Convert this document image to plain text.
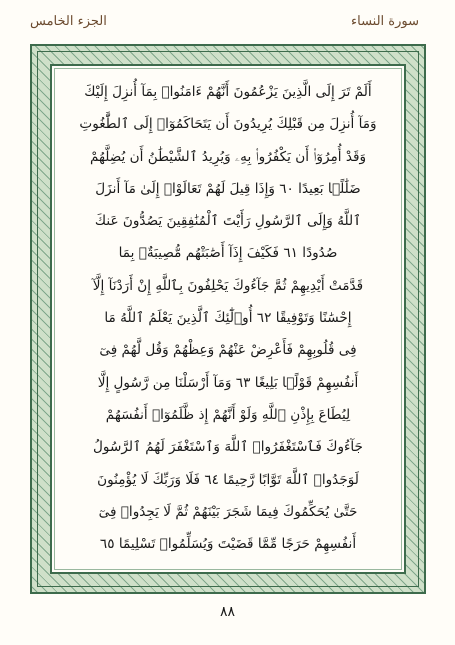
الجزء الخامس	سورة النساء
أَلَمْ تَرَ إِلَى الَّذِينَ يَزْعُمُونَ أَنَّهُمْ ءَامَنُوا۟ بِمَآ أُنزِلَ إِلَيْكَ
وَمَآ أُنزِلَ مِن قَبْلِكَ يُرِيدُونَ أَن يَتَحَاكَمُوٓا۟ إِلَى ٱلطَّٰغُوتِ
وَقَدْ أُمِرُوٓا۟ أَن يَكْفُرُوا۟ بِهِۦ وَيُرِيدُ ٱلشَّيْطَٰنُ أَن يُضِلَّهُمْ
ضَلَٰلًۢا بَعِيدًا ٦٠ وَإِذَا قِيلَ لَهُمْ تَعَالَوْا۟ إِلَىٰ مَآ أَنزَلَ
ٱللَّهُ وَإِلَى ٱلرَّسُولِ رَأَيْتَ ٱلْمُنَٰفِقِينَ يَصُدُّونَ عَنكَ
صُدُودًا ٦١ فَكَيْفَ إِذَآ أَصَٰبَتْهُم مُّصِيبَةٌۢ بِمَا
قَدَّمَتْ أَيْدِيهِمْ ثُمَّ جَآءُوكَ يَحْلِفُونَ بِٱللَّهِ إِنْ أَرَدْنَآ إِلَّآ
إِحْسَٰنًا وَتَوْفِيقًا ٦٢ أُو۟لَٰٓئِكَ ٱلَّذِينَ يَعْلَمُ ٱللَّهُ مَا
فِى قُلُوبِهِمْ فَأَعْرِضْ عَنْهُمْ وَعِظْهُمْ وَقُل لَّهُمْ فِىٓ
أَنفُسِهِمْ قَوْلًۢا بَلِيغًا ٦٣ وَمَآ أَرْسَلْنَا مِن رَّسُولٍ إِلَّا
لِيُطَاعَ بِإِذْنِ ٱللَّهِ وَلَوْ أَنَّهُمْ إِذ ظَّلَمُوٓا۟ أَنفُسَهُمْ
جَآءُوكَ فَٱسْتَغْفَرُوا۟ ٱللَّهَ وَٱسْتَغْفَرَ لَهُمُ ٱلرَّسُولُ
لَوَجَدُوا۟ ٱللَّهَ تَوَّابًا رَّحِيمًا ٦٤ فَلَا وَرَبِّكَ لَا يُؤْمِنُونَ
حَتَّىٰ يُحَكِّمُوكَ فِيمَا شَجَرَ بَيْنَهُمْ ثُمَّ لَا يَجِدُوا۟ فِىٓ
أَنفُسِهِمْ حَرَجًا مِّمَّا قَضَيْتَ وَيُسَلِّمُوا۟ تَسْلِيمًا ٦٥
٨٨
